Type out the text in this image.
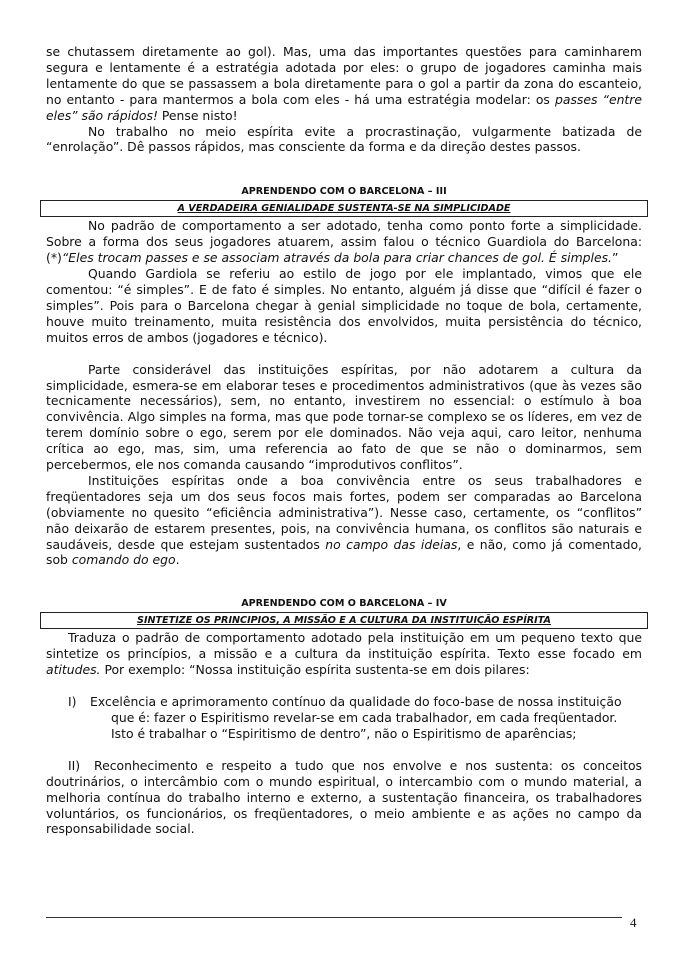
se chutassem diretamente ao gol). Mas, uma das importantes questões para caminharem segura e lentamente é a estratégia adotada por eles: o grupo de jogadores caminha mais lentamente do que se passassem a bola diretamente para o gol a partir da zona do escanteio, no entanto - para mantermos a bola com eles - há uma estratégia modelar: os passes “entre eles” são rápidos! Pense nisto!

No trabalho no meio espírita evite a procrastinação, vulgarmente batizada de “enrolação”. Dê passos rápidos, mas consciente da forma e da direção destes passos.

APRENDENDO COM O BARCELONA – III
A VERDADEIRA GENIALIDADE SUSTENTA-SE NA SIMPLICIDADE

No padrão de comportamento a ser adotado, tenha como ponto forte a simplicidade. Sobre a forma dos seus jogadores atuarem, assim falou o técnico Guardiola do Barcelona: (*)“Eles trocam passes e se associam através da bola para criar chances de gol. É simples.”

Quando Gardiola se referiu ao estilo de jogo por ele implantado, vimos que ele comentou: “é simples”. E de fato é simples. No entanto, alguém já disse que “difícil é fazer o simples”. Pois para o Barcelona chegar à genial simplicidade no toque de bola, certamente, houve muito treinamento, muita resistência dos envolvidos, muita persistência do técnico, muitos erros de ambos (jogadores e técnico).

Parte considerável das instituições espíritas, por não adotarem a cultura da simplicidade, esmera-se em elaborar teses e procedimentos administrativos (que às vezes são tecnicamente necessários), sem, no entanto, investirem no essencial: o estímulo à boa convivência. Algo simples na forma, mas que pode tornar-se complexo se os líderes, em vez de terem domínio sobre o ego, serem por ele dominados. Não veja aqui, caro leitor, nenhuma crítica ao ego, mas, sim, uma referencia ao fato de que se não o dominarmos, sem percebermos, ele nos comanda causando “improdutivos conflitos”.

Instituições espíritas onde a boa convivência entre os seus trabalhadores e freqüentadores seja um dos seus focos mais fortes, podem ser comparadas ao Barcelona (obviamente no quesito “eficiência administrativa”). Nesse caso, certamente, os “conflitos” não deixarão de estarem presentes, pois, na convivência humana, os conflitos são naturais e saudáveis, desde que estejam sustentados no campo das ideias, e não, como já comentado, sob comando do ego.

APRENDENDO COM O BARCELONA – IV
SINTETIZE OS PRINCIPIOS, A MISSÃO E A CULTURA DA INSTITUIÇÃO ESPÍRITA

Traduza o padrão de comportamento adotado pela instituição em um pequeno texto que sintetize os princípios, a missão e a cultura da instituição espírita. Texto esse focado em atitudes. Por exemplo: “Nossa instituição espírita sustenta-se em dois pilares:

I)	Excelência e aprimoramento contínuo da qualidade do foco-base de nossa instituição

que é: fazer o Espiritismo revelar-se em cada trabalhador, em cada freqüentador. Isto é trabalhar o “Espiritismo de dentro”, não o Espiritismo de aparências;

II) Reconhecimento e respeito a tudo que nos envolve e nos sustenta: os conceitos doutrinários, o intercâmbio com o mundo espiritual, o intercambio com o mundo material, a melhoria contínua do trabalho interno e externo, a sustentação financeira, os trabalhadores voluntários, os funcionários, os freqüentadores, o meio ambiente e as ações no campo da responsabilidade social.

4
